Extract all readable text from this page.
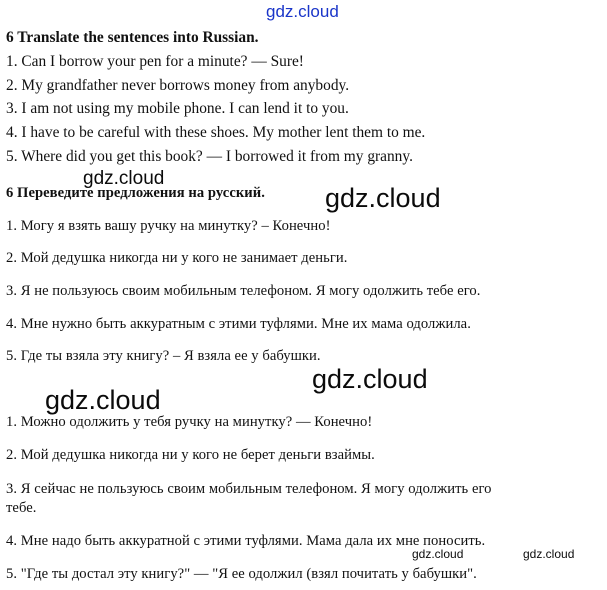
gdz.cloud
gdz.cloud
gdz.cloud
gdz.cloud
gdz.cloud
gdz.cloud	gdz.cloud
6 Translate the sentences into Russian.
1. Can I borrow your pen for a minute? — Sure!
2. My grandfather never borrows money from anybody.
3. I am not using my mobile phone. I can lend it to you.
4. I have to be careful with these shoes. My mother lent them to me.
5. Where did you get this book? — I borrowed it from my granny.
6 Переведите предложения на русский.
1. Могу я взять вашу ручку на минутку? – Конечно!
2. Мой дедушка никогда ни у кого не занимает деньги.
3. Я не пользуюсь своим мобильным телефоном. Я могу одолжить тебе его.
4. Мне нужно быть аккуратным с этими туфлями. Мне их мама одолжила.
5. Где ты взяла эту книгу? – Я взяла ее у бабушки.
1. Можно одолжить у тебя ручку на минутку? — Конечно!
2. Мой дедушка никогда ни у кого не берет деньги взаймы.
3. Я сейчас не пользуюсь своим мобильным телефоном. Я могу одолжить его
тебе.
4. Мне надо быть аккуратной с этими туфлями. Мама дала их мне поносить.
5. "Где ты достал эту книгу?" — "Я ее одолжил (взял почитать у бабушки".
